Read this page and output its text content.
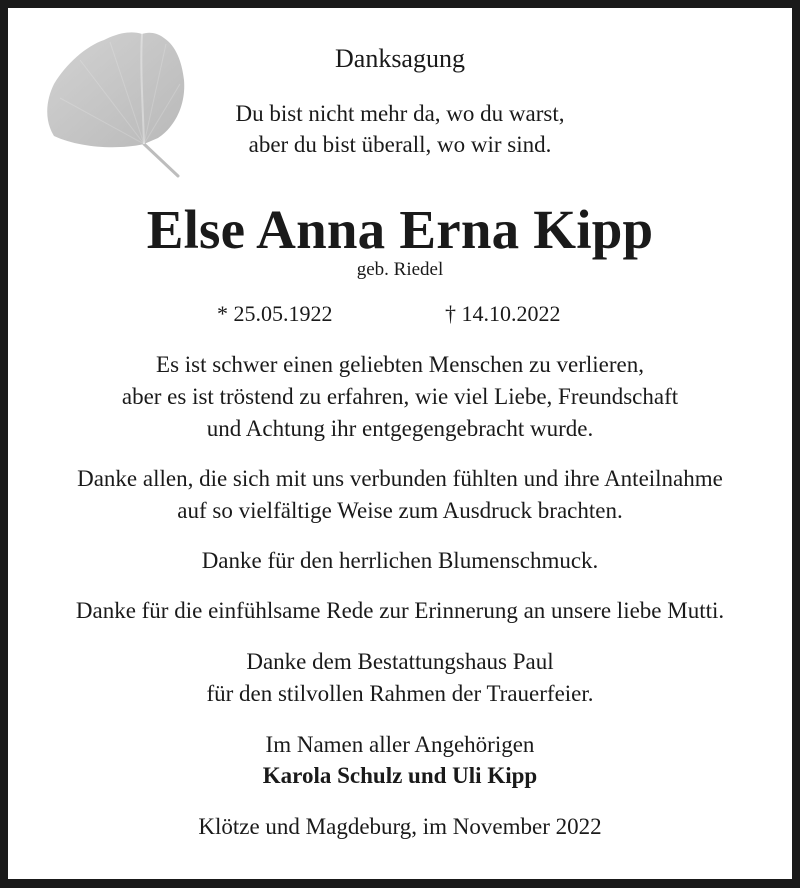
Danksagung
Du bist nicht mehr da, wo du warst,
aber du bist überall, wo wir sind.
Else Anna Erna Kipp
geb. Riedel
* 25.05.1922	† 14.10.2022
Es ist schwer einen geliebten Menschen zu verlieren,
aber es ist tröstend zu erfahren, wie viel Liebe, Freundschaft
und Achtung ihr entgegengebracht wurde.
Danke allen, die sich mit uns verbunden fühlten und ihre Anteilnahme
auf so vielfältige Weise zum Ausdruck brachten.
Danke für den herrlichen Blumenschmuck.
Danke für die einfühlsame Rede zur Erinnerung an unsere liebe Mutti.
Danke dem Bestattungshaus Paul
für den stilvollen Rahmen der Trauerfeier.
Im Namen aller Angehörigen
Karola Schulz und Uli Kipp
Klötze und Magdeburg, im November 2022
